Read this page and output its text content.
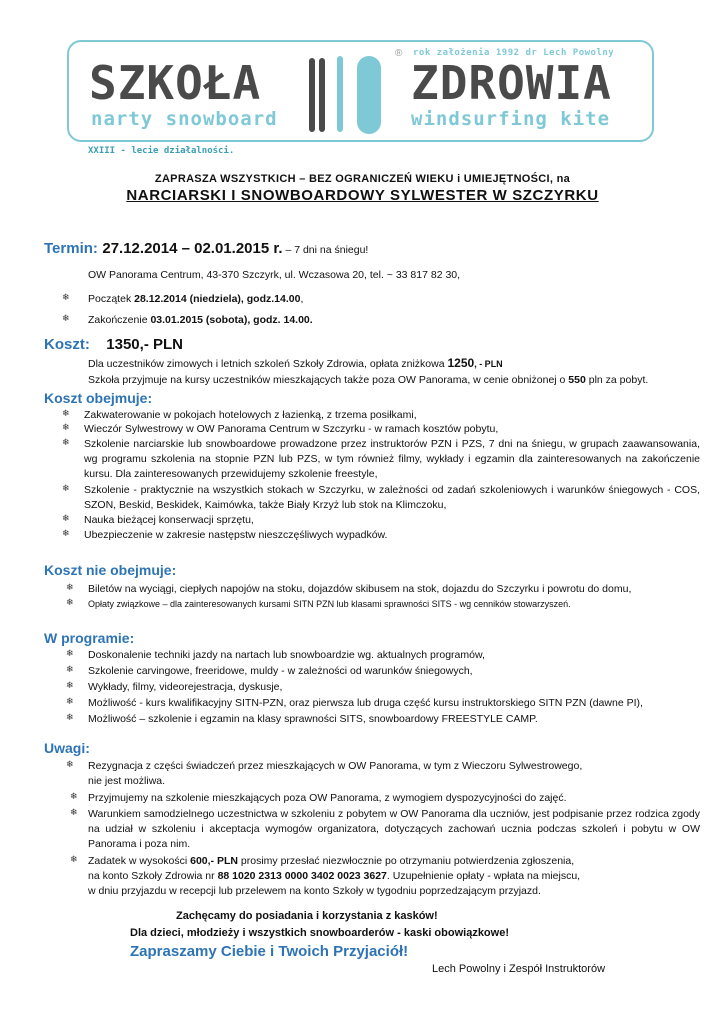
SZKOŁA
narty snowboard
® rok założenia 1992 dr Lech Powolny
ZDROWIA
windsurfing kite
XXIII - lecie działalności.
ZAPRASZA WSZYSTKICH – BEZ OGRANICZEŃ WIEKU i UMIEJĘTNOŚCI, na
NARCIARSKI I SNOWBOARDOWY SYLWESTER W SZCZYRKU
Termin: 27.12.2014 – 02.01.2015 r. – 7 dni na śniegu!
OW Panorama Centrum, 43-370 Szczyrk, ul. Wczasowa 20, tel. ~ 33 817 82 30,
❄ Początek 28.12.2014 (niedziela), godz.14.00,
❄ Zakończenie 03.01.2015 (sobota), godz. 14.00.
Koszt: 1350,- PLN
Dla uczestników zimowych i letnich szkoleń Szkoły Zdrowia, opłata zniżkowa 1250, - PLN
Szkoła przyjmuje na kursy uczestników mieszkających także poza OW Panorama, w cenie obniżonej o 550 pln za pobyt.
Koszt obejmuje:
❄ Zakwaterowanie w pokojach hotelowych z łazienką, z trzema posiłkami,
❄ Wieczór Sylwestrowy w OW Panorama Centrum w Szczyrku - w ramach kosztów pobytu,
❄ Szkolenie narciarskie lub snowboardowe prowadzone przez instruktorów PZN i PZS, 7 dni na śniegu, w grupach zaawansowania, wg programu szkolenia na stopnie PZN lub PZS, w tym również filmy, wykłady i egzamin dla zainteresowanych na zakończenie kursu. Dla zainteresowanych przewidujemy szkolenie freestyle,
❄ Szkolenie - praktycznie na wszystkich stokach w Szczyrku, w zależności od zadań szkoleniowych i warunków śniegowych - COS, SZON, Beskid, Beskidek, Kaimówka, także Biały Krzyż lub stok na Klimczoku,
❄ Nauka bieżącej konserwacji sprzętu,
❄ Ubezpieczenie w zakresie następstw nieszczęśliwych wypadków.
Koszt nie obejmuje:
❄ Biletów na wyciągi, ciepłych napojów na stoku, dojazdów skibusem na stok, dojazdu do Szczyrku i powrotu do domu,
❄ Opłaty związkowe – dla zainteresowanych kursami SITN PZN lub klasami sprawności SITS - wg cenników stowarzyszeń.
W programie:
❄ Doskonalenie techniki jazdy na nartach lub snowboardzie wg. aktualnych programów,
❄ Szkolenie carvingowe, freeridowe, muldy - w zależności od warunków śniegowych,
❄ Wykłady, filmy, videorejestracja, dyskusje,
❄ Możliwość - kurs kwalifikacyjny SITN-PZN, oraz pierwsza lub druga część kursu instruktorskiego SITN PZN (dawne PI),
❄ Możliwość – szkolenie i egzamin na klasy sprawności SITS, snowboardowy FREESTYLE CAMP.
Uwagi:
❄ Rezygnacja z części świadczeń przez mieszkających w OW Panorama, w tym z Wieczoru Sylwestrowego,
nie jest możliwa.
❄ Przyjmujemy na szkolenie mieszkających poza OW Panorama, z wymogiem dyspozycyjności do zajęć.
❄ Warunkiem samodzielnego uczestnictwa w szkoleniu z pobytem w OW Panorama dla uczniów, jest podpisanie przez rodzica zgody na udział w szkoleniu i akceptacja wymogów organizatora, dotyczących zachowań ucznia podczas szkoleń i pobytu w OW Panorama i poza nim.
❄ Zadatek w wysokości 600,- PLN prosimy przesłać niezwłocznie po otrzymaniu potwierdzenia zgłoszenia,
na konto Szkoły Zdrowia nr 88 1020 2313 0000 3402 0023 3627. Uzupełnienie opłaty - wpłata na miejscu,
w dniu przyjazdu w recepcji lub przelewem na konto Szkoły w tygodniu poprzedzającym przyjazd.
Zachęcamy do posiadania i korzystania z kasków!
Dla dzieci, młodzieży i wszystkich snowboarderów - kaski obowiązkowe!
Zapraszamy Ciebie i Twoich Przyjaciół!
Lech Powolny i Zespół Instruktorów
